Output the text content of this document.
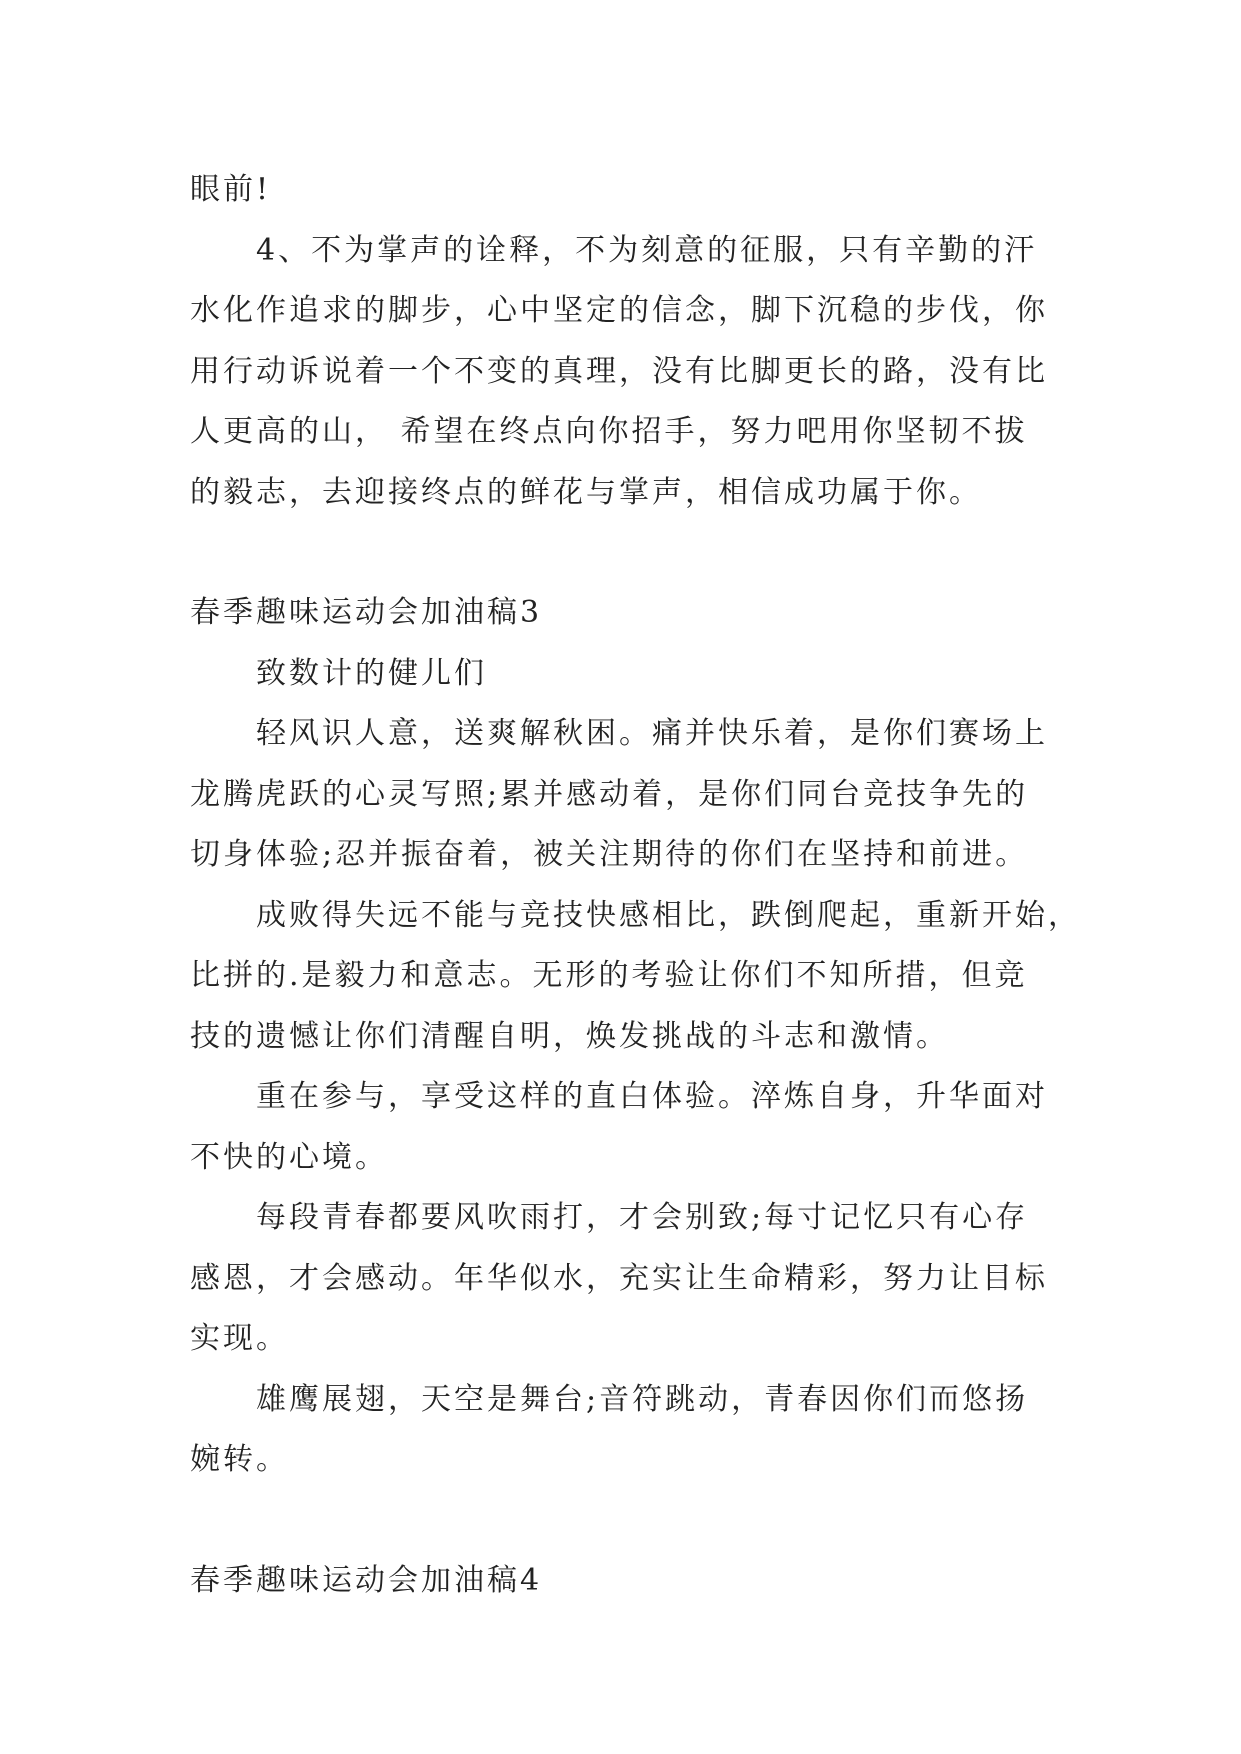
眼前!

4、不为掌声的诠释，不为刻意的征服，只有辛勤的汗

水化作追求的脚步，心中坚定的信念，脚下沉稳的步伐，你

用行动诉说着一个不变的真理，没有比脚更长的路，没有比

人更高的山， 希望在终点向你招手，努力吧用你坚韧不拔

的毅志，去迎接终点的鲜花与掌声，相信成功属于你。

春季趣味运动会加油稿3

致数计的健儿们

轻风识人意，送爽解秋困。痛并快乐着，是你们赛场上

龙腾虎跃的心灵写照;累并感动着，是你们同台竞技争先的

切身体验;忍并振奋着，被关注期待的你们在坚持和前进。

成败得失远不能与竞技快感相比，跌倒爬起，重新开始，

比拼的.是毅力和意志。无形的考验让你们不知所措，但竞

技的遗憾让你们清醒自明，焕发挑战的斗志和激情。

重在参与，享受这样的直白体验。淬炼自身，升华面对

不快的心境。

每段青春都要风吹雨打，才会别致;每寸记忆只有心存

感恩，才会感动。年华似水，充实让生命精彩，努力让目标

实现。

雄鹰展翅，天空是舞台;音符跳动，青春因你们而悠扬

婉转。

春季趣味运动会加油稿4
